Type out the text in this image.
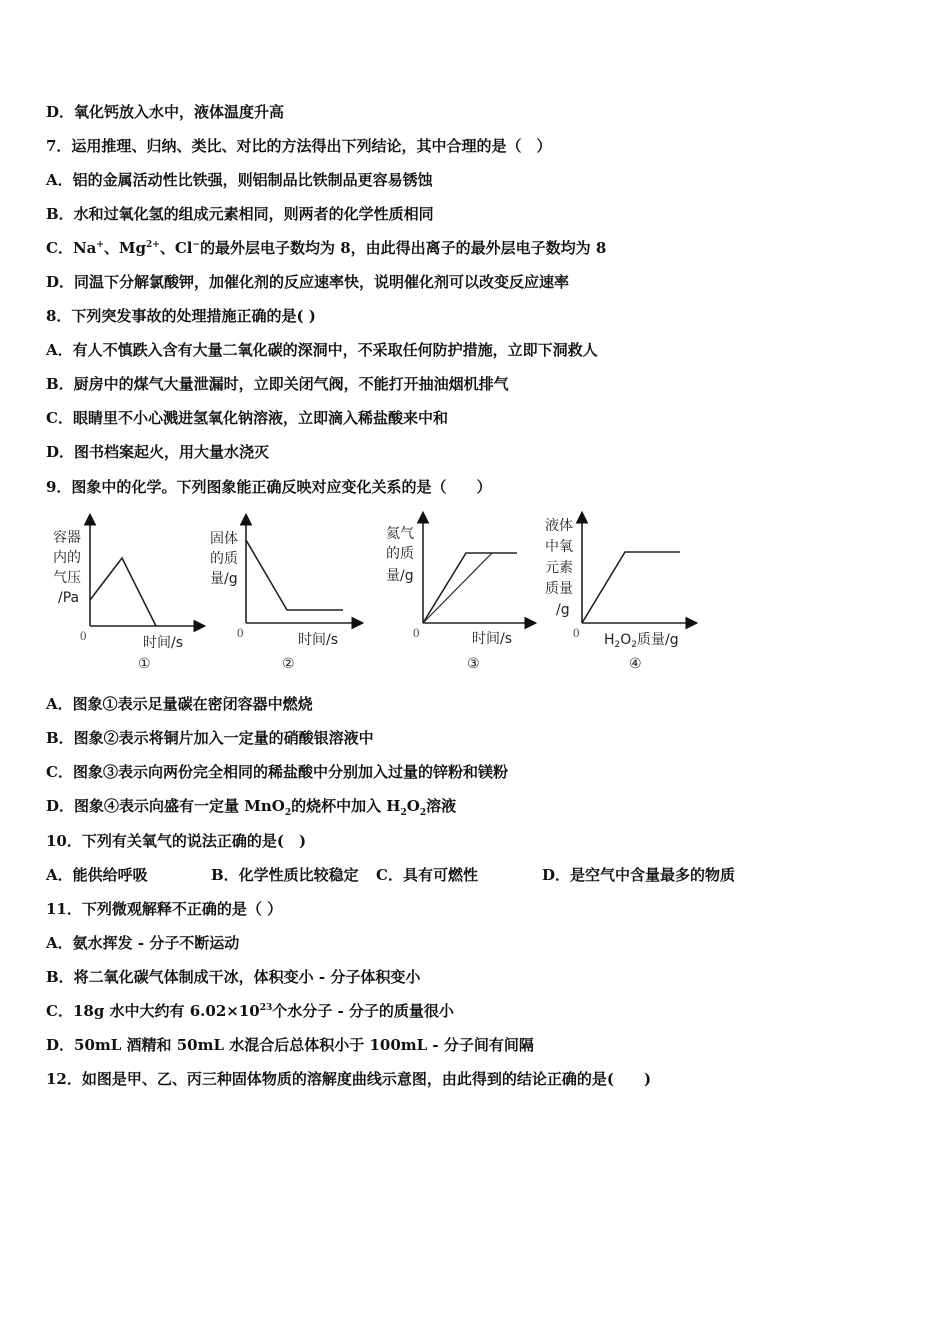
D．氧化钙放入水中，液体温度升高
7．运用推理、归纳、类比、对比的方法得出下列结论，其中合理的是（　）
A．铝的金属活动性比铁强，则铝制品比铁制品更容易锈蚀
B．水和过氧化氢的组成元素相同，则两者的化学性质相同
C．Na+、$Mg^{2+}$、Cl−的最外层电子数均为 8，由此得出离子的最外层电子数均为 8
D．同温下分解氯酸钾，加催化剂的反应速率快，说明催化剂可以改变反应速率
8．下列突发事故的处理措施正确的是( )
A．有人不慎跌入含有大量二氧化碳的深洞中，不采取任何防护措施，立即下洞救人
B．厨房中的煤气大量泄漏时，立即关闭气阀，不能打开抽油烟机排气
C．眼睛里不小心溅进氢氧化钠溶液，立即滴入稀盐酸来中和
D．图书档案起火，用大量水浇灭
9．图象中的化学。下列图象能正确反映对应变化关系的是（　　）
容器
内的
气压
/Pa
0	时间/s
①
固体
的质
量/g
0	时间/s
②
氦气
的质
量/g
0	时间/s
③
液体
中氧
元素
质量
/g
0 $H_2O_2$质量/g
④
A．图象①表示足量碳在密闭容器中燃烧
B．图象②表示将铜片加入一定量的硝酸银溶液中
C．图象③表示向两份完全相同的稀盐酸中分别加入过量的锌粉和镁粉
D．图象④表示向盛有一定量 MnO$_2$的烧杯中加入 $H_2O_2$溶液
10．下列有关氧气的说法正确的是(　)
A．能供给呼吸	B．化学性质比较稳定 C．具有可燃性	D．是空气中含量最多的物质
11．下列微观解释不正确的是（ ）
A．氨水挥发 - 分子不断运动
B．将二氧化碳气体制成干冰，体积变小 - 分子体积变小
C．18g 水中大约有 $6.02\times 10^{23}$个水分子 - 分子的质量很小
D．50mL 酒精和 50mL 水混合后总体积小于 100mL - 分子间有间隔
12．如图是甲、乙、丙三种固体物质的溶解度曲线示意图，由此得到的结论正确的是(　　)
